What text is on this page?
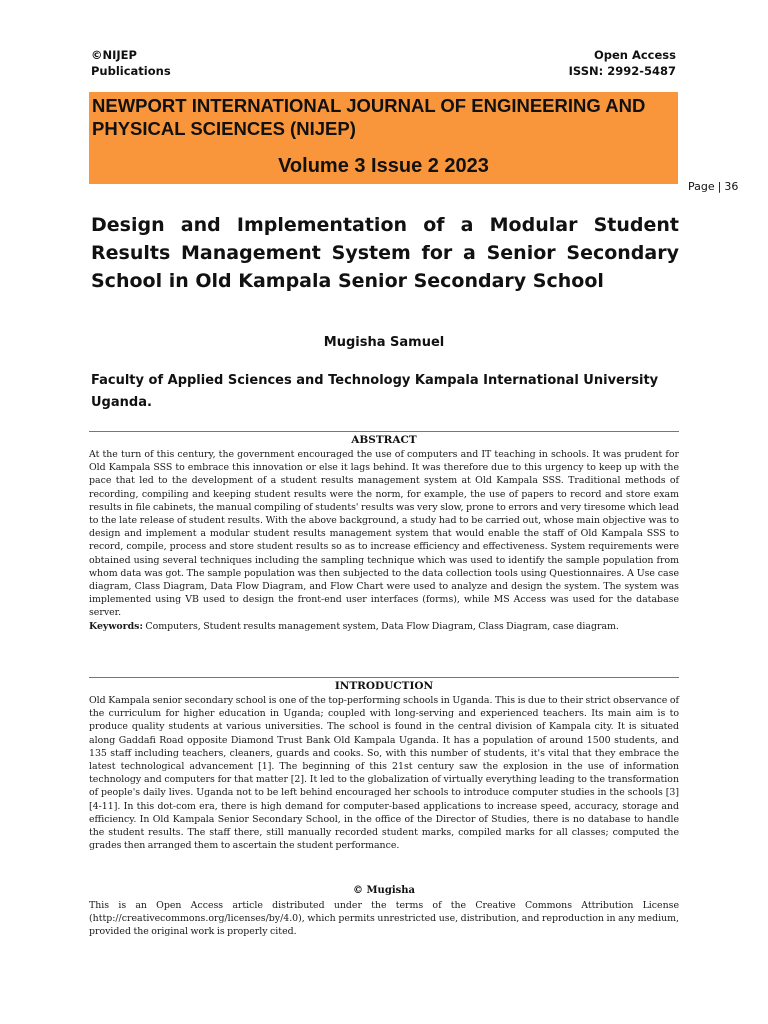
©NIJEP
Publications
Open Access
ISSN: 2992-5487
NEWPORT INTERNATIONAL JOURNAL OF ENGINEERING AND PHYSICAL SCIENCES (NIJEP)
Volume 3 Issue 2 2023
Page | 36
Design and Implementation of a Modular Student Results Management System for a Senior Secondary School in Old Kampala Senior Secondary School
Mugisha Samuel
Faculty of Applied Sciences and Technology Kampala International University Uganda.
ABSTRACT
At the turn of this century, the government encouraged the use of computers and IT teaching in schools. It was prudent for Old Kampala SSS to embrace this innovation or else it lags behind. It was therefore due to this urgency to keep up with the pace that led to the development of a student results management system at Old Kampala SSS. Traditional methods of recording, compiling and keeping student results were the norm, for example, the use of papers to record and store exam results in file cabinets, the manual compiling of students' results was very slow, prone to errors and very tiresome which lead to the late release of student results. With the above background, a study had to be carried out, whose main objective was to design and implement a modular student results management system that would enable the staff of Old Kampala SSS to record, compile, process and store student results so as to increase efficiency and effectiveness. System requirements were obtained using several techniques including the sampling technique which was used to identify the sample population from whom data was got. The sample population was then subjected to the data collection tools using Questionnaires. A Use case diagram, Class Diagram, Data Flow Diagram, and Flow Chart were used to analyze and design the system. The system was implemented using VB used to design the front-end user interfaces (forms), while MS Access was used for the database server.
Keywords: Computers, Student results management system, Data Flow Diagram, Class Diagram, case diagram.
INTRODUCTION
Old Kampala senior secondary school is one of the top-performing schools in Uganda. This is due to their strict observance of the curriculum for higher education in Uganda; coupled with long-serving and experienced teachers. Its main aim is to produce quality students at various universities. The school is found in the central division of Kampala city. It is situated along Gaddafi Road opposite Diamond Trust Bank Old Kampala Uganda. It has a population of around 1500 students, and 135 staff including teachers, cleaners, guards and cooks. So, with this number of students, it's vital that they embrace the latest technological advancement [1]. The beginning of this 21st century saw the explosion in the use of information technology and computers for that matter [2]. It led to the globalization of virtually everything leading to the transformation of people's daily lives. Uganda not to be left behind encouraged her schools to introduce computer studies in the schools [3][4-11]. In this dot-com era, there is high demand for computer-based applications to increase speed, accuracy, storage and efficiency. In Old Kampala Senior Secondary School, in the office of the Director of Studies, there is no database to handle the student results. The staff there, still manually recorded student marks, compiled marks for all classes; computed the grades then arranged them to ascertain the student performance.
© Mugisha
This is an Open Access article distributed under the terms of the Creative Commons Attribution License (http://creativecommons.org/licenses/by/4.0), which permits unrestricted use, distribution, and reproduction in any medium, provided the original work is properly cited.
